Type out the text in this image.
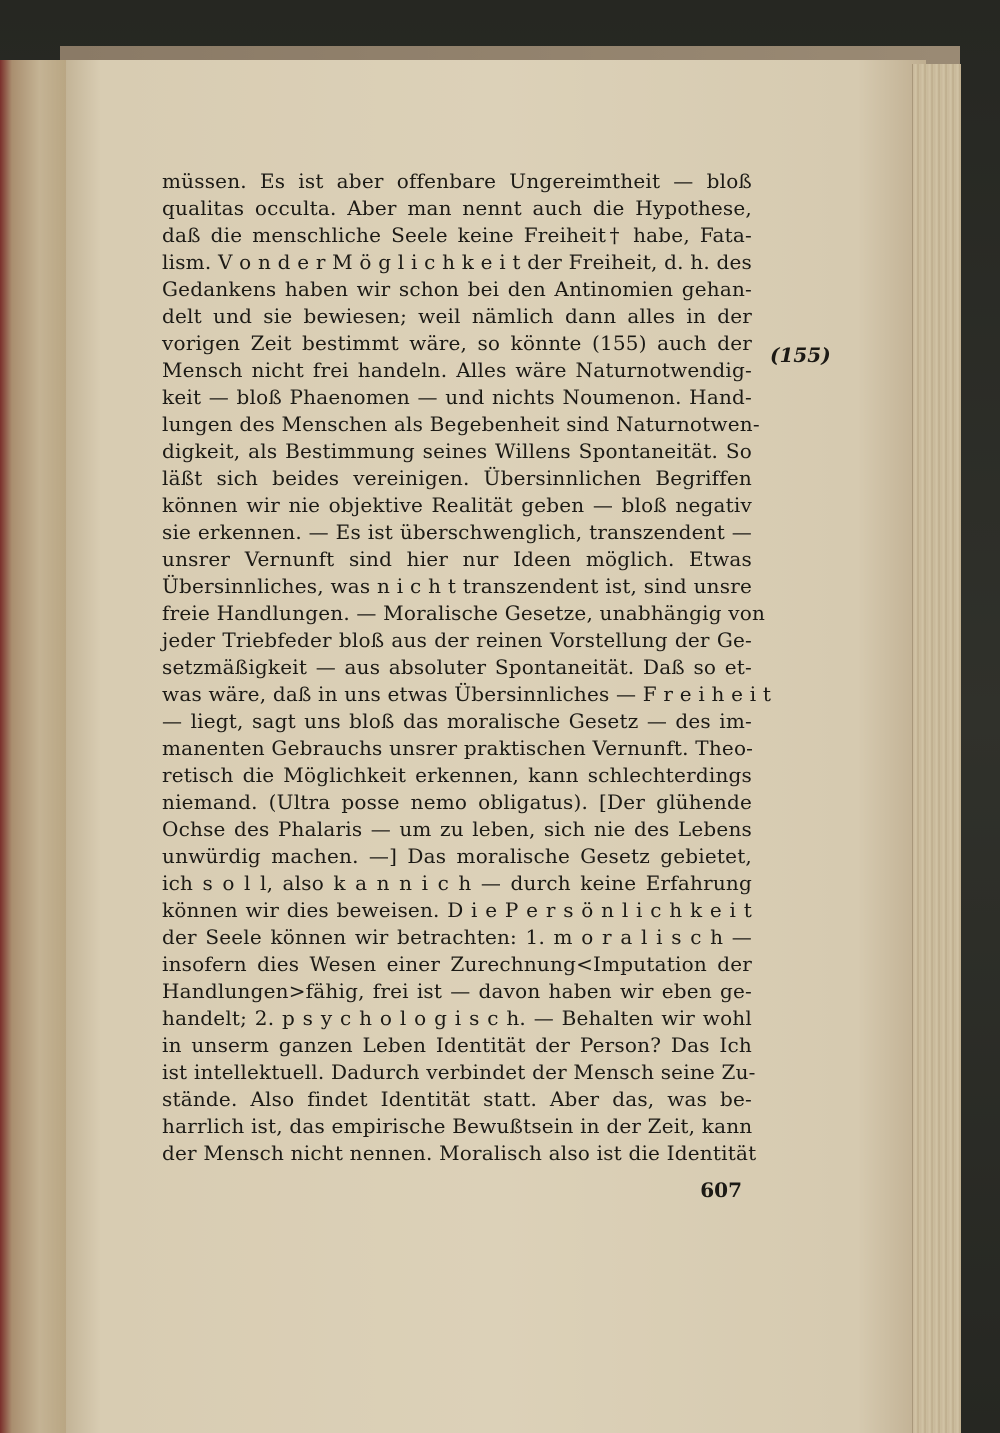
müssen. Es ist aber offenbare Ungereimtheit — bloß
qualitas occulta. Aber man nennt auch die Hypothese,
daß die menschliche Seele keine Freiheit† habe, Fata-
lism. V o n d e r M ö g l i c h k e i t der Freiheit, d. h. des
Gedankens haben wir schon bei den Antinomien gehan-
delt und sie bewiesen; weil nämlich dann alles in der
vorigen Zeit bestimmt wäre, so könnte (155) auch der
Mensch nicht frei handeln. Alles wäre Naturnotwendig-
keit — bloß Phaenomen — und nichts Noumenon. Hand-
lungen des Menschen als Begebenheit sind Naturnotwen-
digkeit, als Bestimmung seines Willens Spontaneität. So
läßt sich beides vereinigen. Übersinnlichen Begriffen
können wir nie objektive Realität geben — bloß negativ
sie erkennen. — Es ist überschwenglich, transzendent —
unsrer Vernunft sind hier nur Ideen möglich. Etwas
Übersinnliches, was n i c h t transzendent ist, sind unsre
freie Handlungen. — Moralische Gesetze, unabhängig von
jeder Triebfeder bloß aus der reinen Vorstellung der Ge-
setzmäßigkeit — aus absoluter Spontaneität. Daß so et-
was wäre, daß in uns etwas Übersinnliches — F r e i h e i t
— liegt, sagt uns bloß das moralische Gesetz — des im-
manenten Gebrauchs unsrer praktischen Vernunft. Theo-
retisch die Möglichkeit erkennen, kann schlechterdings
niemand. (Ultra posse nemo obligatus). [Der glühende
Ochse des Phalaris — um zu leben, sich nie des Lebens
unwürdig machen. —] Das moralische Gesetz gebietet,
ich s o l l, also k a n n i c h — durch keine Erfahrung
können wir dies beweisen. D i e P e r s ö n l i c h k e i t
der Seele können wir betrachten: 1. m o r a l i s c h —
insofern dies Wesen einer Zurechnung<Imputation der
Handlungen>fähig, frei ist — davon haben wir eben ge-
handelt; 2. p s y c h o l o g i s c h. — Behalten wir wohl
in unserm ganzen Leben Identität der Person? Das Ich
ist intellektuell. Dadurch verbindet der Mensch seine Zu-
stände. Also findet Identität statt. Aber das, was be-
harrlich ist, das empirische Bewußtsein in der Zeit, kann
der Mensch nicht nennen. Moralisch also ist die Identität
(155)
607
